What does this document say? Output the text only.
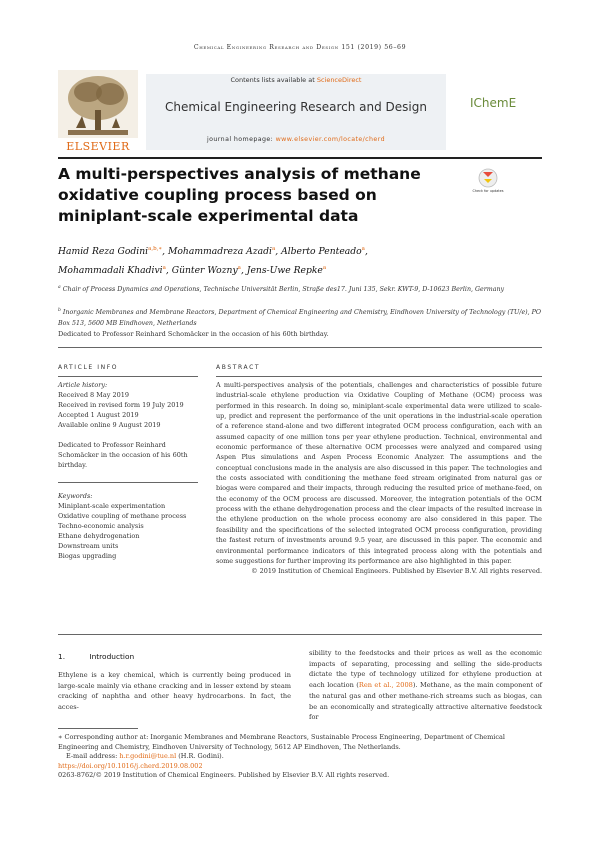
Chemical Engineering Research and Design 151 (2019) 56–69
ELSEVIER
Contents lists available at ScienceDirect
Chemical Engineering Research and Design
journal homepage: www.elsevier.com/locate/cherd
IChemE
A multi-perspectives analysis of methane oxidative coupling process based on miniplant-scale experimental data
Check for updates
Hamid Reza Godini$^{a,b,∗}$, Mohammadreza Azadi$^a$, Alberto Penteado$^a$,
Mohammadali Khadivi$^a$, Günter Wozny$^a$, Jens-Uwe Repke$^a$
$^a$ Chair of Process Dynamics and Operations, Technische Universität Berlin, Straße des17. Juni 135, Sekr. KWT-9, D-10623 Berlin, Germany
$^b$ Inorganic Membranes and Membrane Reactors, Department of Chemical Engineering and Chemistry, Eindhoven University of Technology (TU/e), PO Box 513, 5600 MB Eindhoven, Netherlands
Dedicated to Professor Reinhard Schomäcker in the occasion of his 60th birthday.
ARTICLE INFO
Article history:
Received 8 May 2019
Received in revised form 19 July 2019
Accepted 1 August 2019
Available online 9 August 2019
Dedicated to Professor Reinhard Schomäcker in the occasion of his 60th birthday.
Keywords:
Miniplant-scale experimentation
Oxidative coupling of methane process
Techno-economic analysis
Ethane dehydrogenation
Downstream units
Biogas upgrading
ABSTRACT
A multi-perspectives analysis of the potentials, challenges and characteristics of possible future industrial-scale ethylene production via Oxidative Coupling of Methane (OCM) process was performed in this research. In doing so, miniplant-scale experimental data were utilized to scale-up, predict and represent the performance of the unit operations in the industrial-scale operation of a reference stand-alone and two different integrated OCM process configuration, each with an assumed capacity of one million tons per year ethylene production. Technical, environmental and economic performance of these alternative OCM processes were analyzed and compared using Aspen Plus simulations and Aspen Process Economic Analyzer. The assumptions and the conceptual conclusions made in the analysis are also discussed in this paper. The technologies and the costs associated with conditioning the methane feed stream originated from natural gas or biogas were compared and their impacts, through reducing the resulted price of methane-feed, on the economy of the OCM process are discussed. Moreover, the integration potentials of the OCM process with the ethane dehydrogenation process and the clear impacts of the resulted increase in the ethylene production on the whole process economy are also considered in this paper. The feasibility and the specifications of the selected integrated OCM process configuration, providing the fastest return of investments around 9.5 year, are discussed in this paper. The economic and environmental performance indicators of this integrated process along with the potentials and some suggestions for further improving its performance are also highlighted in this paper.
© 2019 Institution of Chemical Engineers. Published by Elsevier B.V. All rights reserved.
1.	Introduction
Ethylene is a key chemical, which is currently being produced in large-scale mainly via ethane cracking and in lesser extend by steam cracking of naphtha and other heavy hydrocarbons. In fact, the acces-
sibility to the feedstocks and their prices as well as the economic impacts of separating, processing and selling the side-products dictate the type of technology utilized for ethylene production at each location (Ren et al., 2008). Methane, as the main component of the natural gas and other methane-rich streams such as biogas, can be an economically and strategically attractive alternative feedstock for
∗ Corresponding author at: Inorganic Membranes and Membrane Reactors, Sustainable Process Engineering, Department of Chemical Engineering and Chemistry, Eindhoven University of Technology, 5612 AP Eindhoven, The Netherlands.
E-mail address: h.r.godini@tue.nl (H.R. Godini).
https://doi.org/10.1016/j.cherd.2019.08.002
0263-8762/© 2019 Institution of Chemical Engineers. Published by Elsevier B.V. All rights reserved.
